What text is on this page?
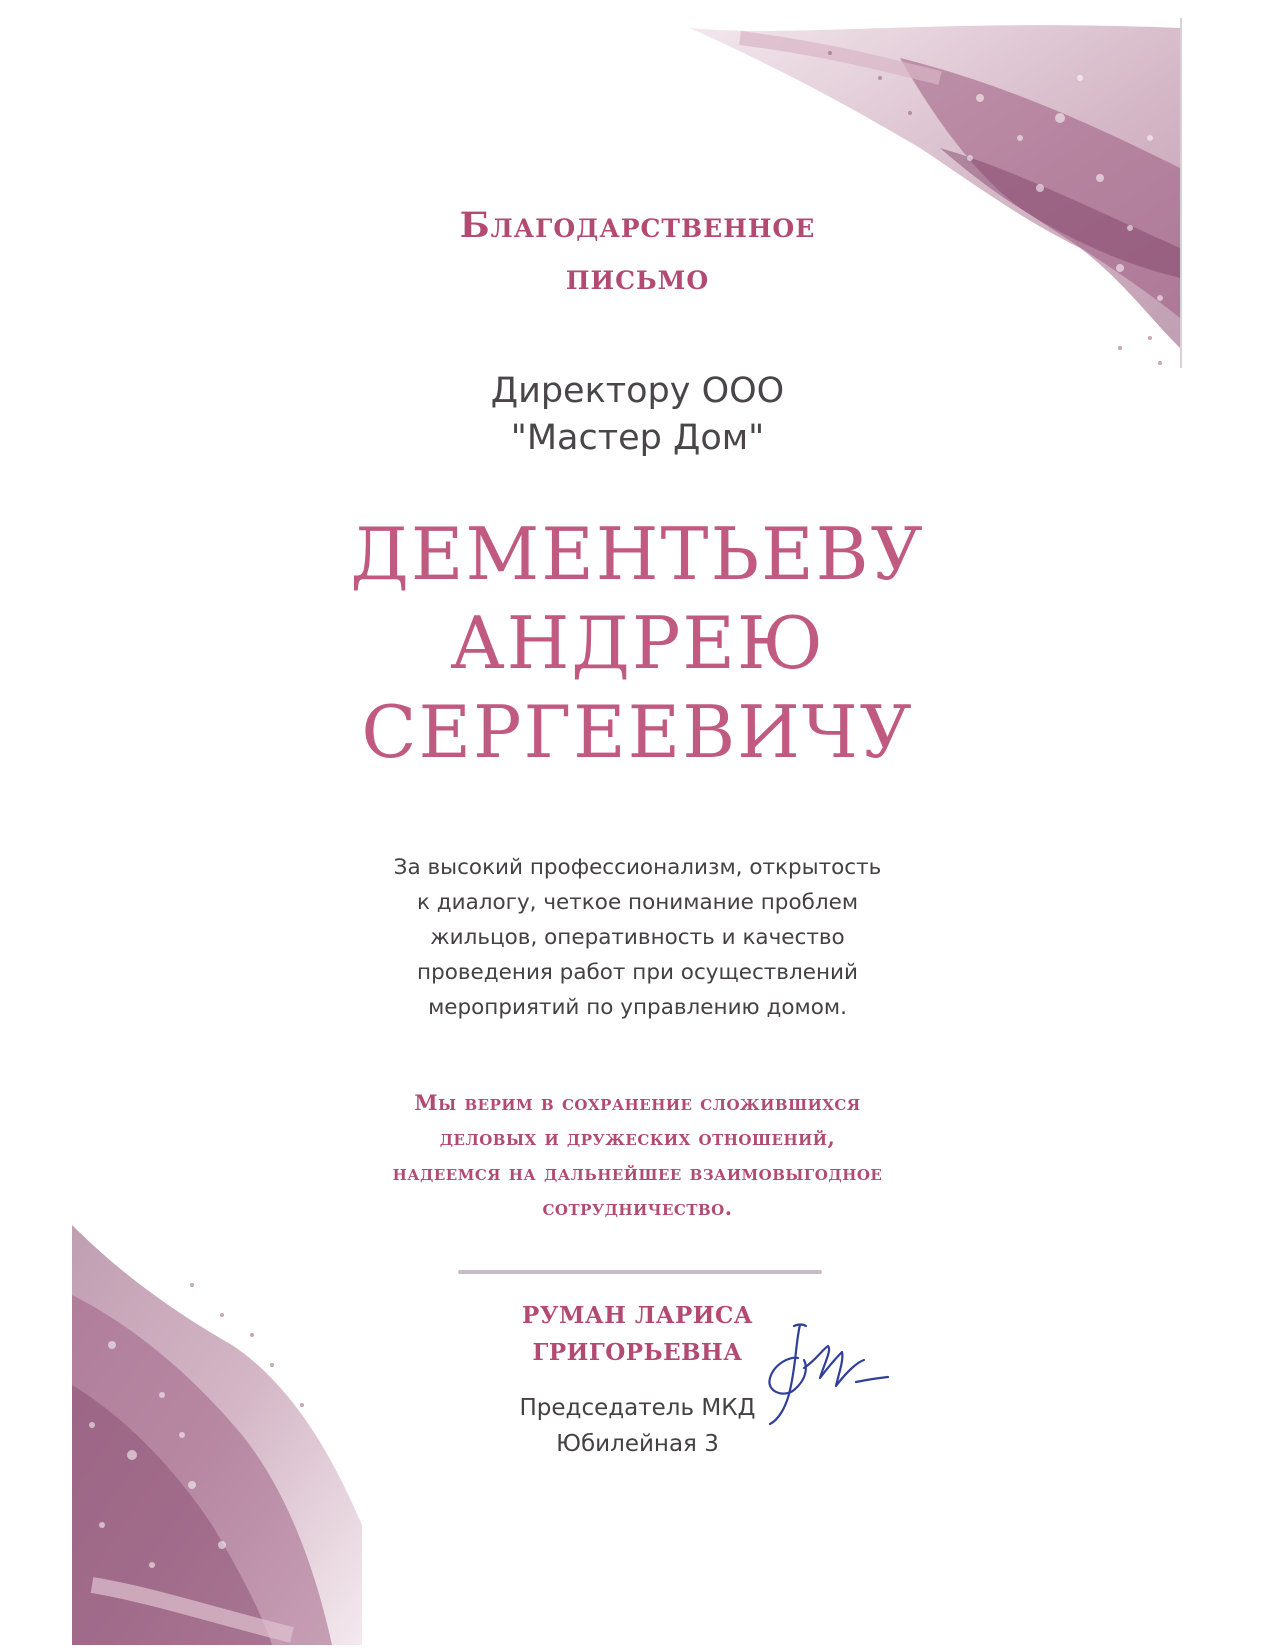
Благодарственное
письмо
Директору ООО
"Мастер Дом"
ДЕМЕНТЬЕВУ
АНДРЕЮ
СЕРГЕЕВИЧУ
За высокий профессионализм, открытость
к диалогу, четкое понимание проблем
жильцов, оперативность и качество
проведения работ при осуществлений
мероприятий по управлению домом.
Мы верим в сохранение сложившихся
деловых и дружеских отношений,
надеемся на дальнейшее взаимовыгодное
сотрудничество.
РУМАН ЛАРИСА
ГРИГОРЬЕВНА
Председатель МКД
Юбилейная 3
